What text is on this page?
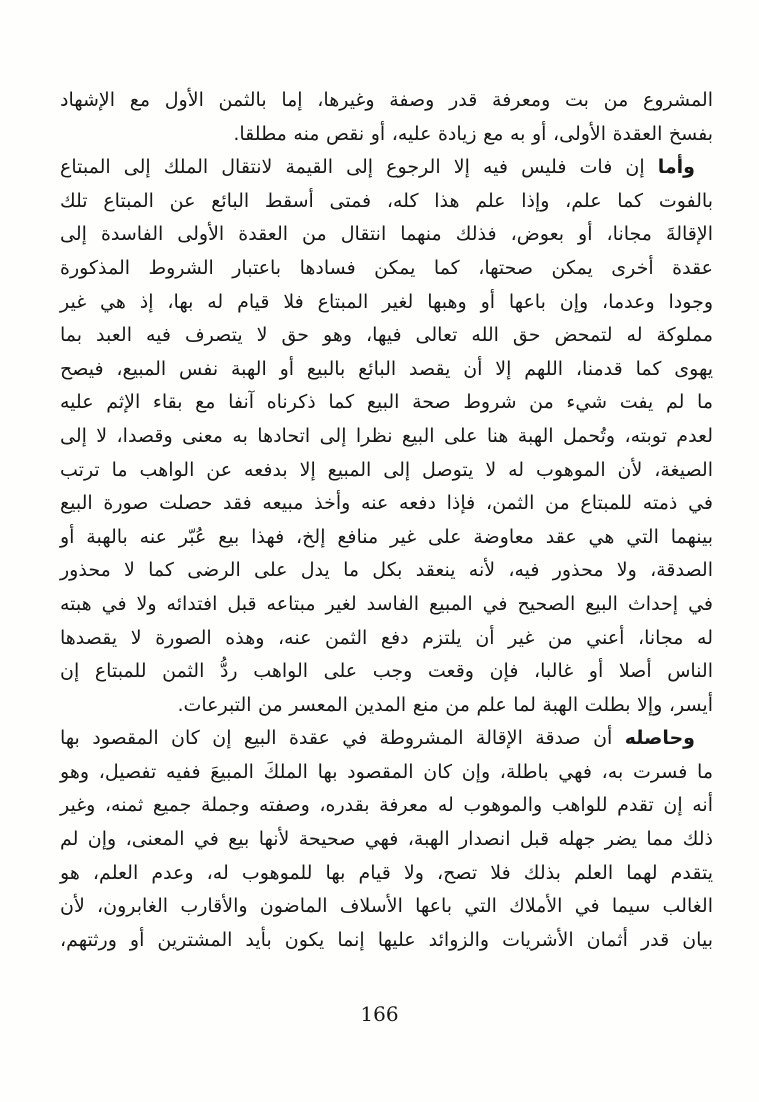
المشروع من بت ومعرفة قدر وصفة وغيرها، إما بالثمن الأول مع الإشهاد
بفسخ العقدة الأولى، أو به مع زيادة عليه، أو نقص منه مطلقا.
وأما إن فات فليس فيه إلا الرجوع إلى القيمة لانتقال الملك إلى المبتاع
بالفوت كما علم، وإذا علم هذا كله، فمتى أسقط البائع عن المبتاع تلك
الإقالةَ مجانا، أو بعوض، فذلك منهما انتقال من العقدة الأولى الفاسدة إلى
عقدة أخرى يمكن صحتها، كما يمكن فسادها باعتبار الشروط المذكورة
وجودا وعدما، وإن باعها أو وهبها لغير المبتاع فلا قيام له بها، إذ هي غير
مملوكة له لتمحض حق الله تعالى فيها، وهو حق لا يتصرف فيه العبد بما
يهوى كما قدمنا، اللهم إلا أن يقصد البائع بالبيع أو الهبة نفس المبيع، فيصح
ما لم يفت شيء من شروط صحة البيع كما ذكرناه آنفا مع بقاء الإثم عليه
لعدم توبته، وتُحمل الهبة هنا على البيع نظرا إلى اتحادها به معنى وقصدا، لا إلى
الصيغة، لأن الموهوب له لا يتوصل إلى المبيع إلا بدفعه عن الواهب ما ترتب
في ذمته للمبتاع من الثمن، فإذا دفعه عنه وأخذ مبيعه فقد حصلت صورة البيع
بينهما التي هي عقد معاوضة على غير منافع إلخ، فهذا بيع عُبّر عنه بالهبة أو
الصدقة، ولا محذور فيه، لأنه ينعقد بكل ما يدل على الرضى كما لا محذور
في إحداث البيع الصحيح في المبيع الفاسد لغير مبتاعه قبل افتدائه ولا في هبته
له مجانا، أعني من غير أن يلتزم دفع الثمن عنه، وهذه الصورة لا يقصدها
الناس أصلا أو غالبا، فإن وقعت وجب على الواهب ردُّ الثمن للمبتاع إن
أيسر، وإلا بطلت الهبة لما علم من منع المدين المعسر من التبرعات.
وحاصله أن صدقة الإقالة المشروطة في عقدة البيع إن كان المقصود بها
ما فسرت به، فهي باطلة، وإن كان المقصود بها الملكَ المبيعَ ففيه تفصيل، وهو
أنه إن تقدم للواهب والموهوب له معرفة بقدره، وصفته وجملة جميع ثمنه، وغير
ذلك مما يضر جهله قبل انصدار الهبة، فهي صحيحة لأنها بيع في المعنى، وإن لم
يتقدم لهما العلم بذلك فلا تصح، ولا قيام بها للموهوب له، وعدم العلم، هو
الغالب سيما في الأملاك التي باعها الأسلاف الماضون والأقارب الغابرون، لأن
بيان قدر أثمان الأشريات والزوائد عليها إنما يكون بأيد المشترين أو ورثتهم،
166
